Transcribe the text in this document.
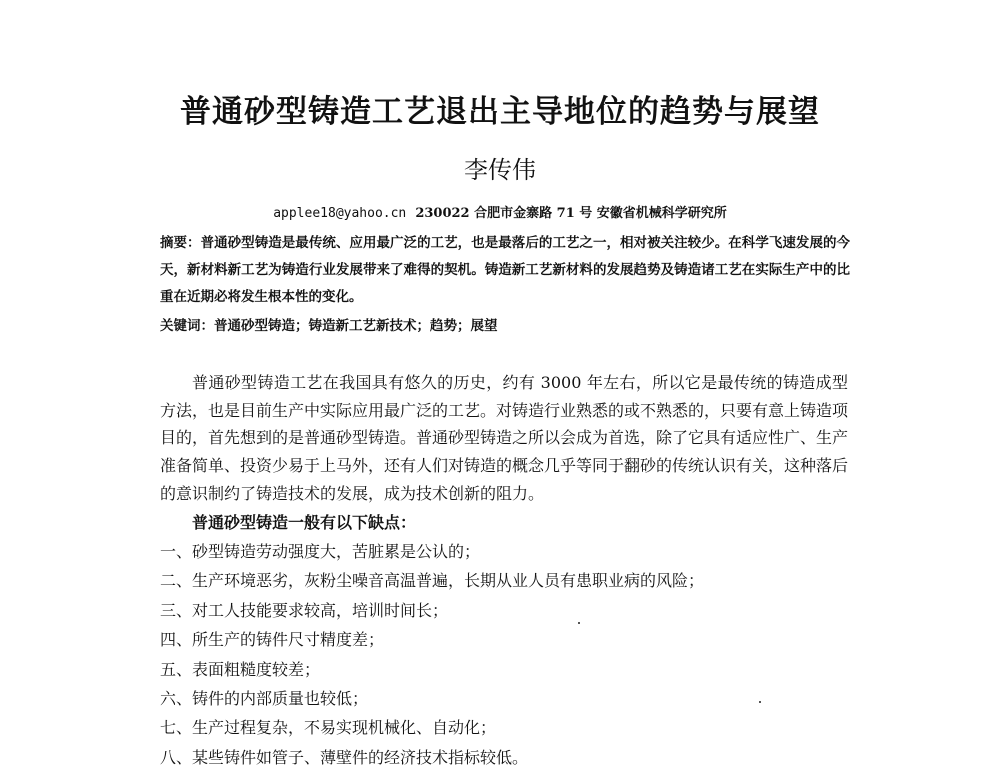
普通砂型铸造工艺退出主导地位的趋势与展望
李传伟
applee18@yahoo.cn 230022 合肥市金寨路 71 号 安徽省机械科学研究所
摘要：普通砂型铸造是最传统、应用最广泛的工艺，也是最落后的工艺之一，相对被关注较少。在科学飞速发展的今天，新材料新工艺为铸造行业发展带来了难得的契机。铸造新工艺新材料的发展趋势及铸造诸工艺在实际生产中的比重在近期必将发生根本性的变化。
关键词：普通砂型铸造；铸造新工艺新技术；趋势；展望
普通砂型铸造工艺在我国具有悠久的历史，约有 3000 年左右，所以它是最传统的铸造成型方法，也是目前生产中实际应用最广泛的工艺。对铸造行业熟悉的或不熟悉的，只要有意上铸造项目的，首先想到的是普通砂型铸造。普通砂型铸造之所以会成为首选，除了它具有适应性广、生产准备简单、投资少易于上马外，还有人们对铸造的概念几乎等同于翻砂的传统认识有关，这种落后的意识制约了铸造技术的发展，成为技术创新的阻力。
普通砂型铸造一般有以下缺点：
一、砂型铸造劳动强度大，苦脏累是公认的；
二、生产环境恶劣，灰粉尘噪音高温普遍，长期从业人员有患职业病的风险；
三、对工人技能要求较高，培训时间长；
四、所生产的铸件尺寸精度差；
五、表面粗糙度较差；
六、铸件的内部质量也较低；
七、生产过程复杂，不易实现机械化、自动化；
八、某些铸件如管子、薄壁件的经济技术指标较低。
